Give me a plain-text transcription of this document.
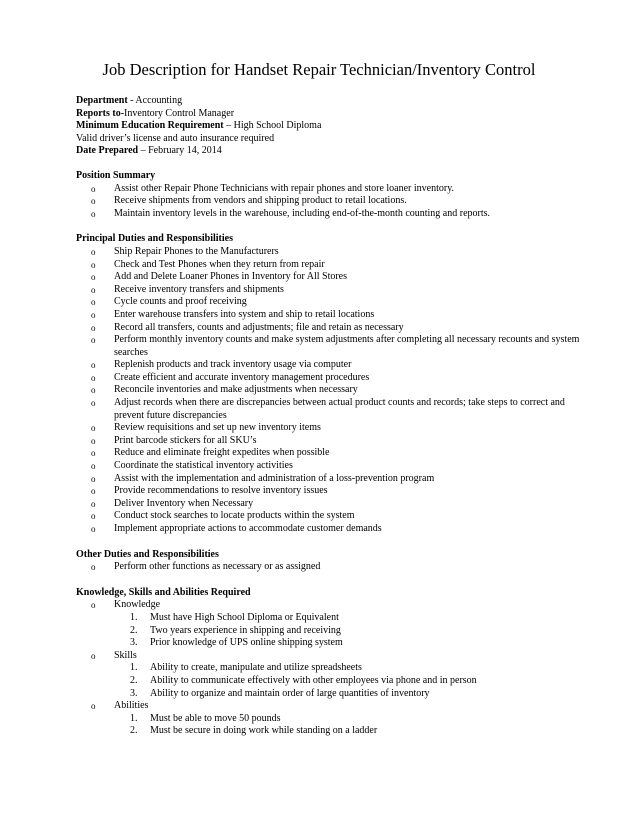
Job Description for Handset Repair Technician/Inventory Control
Department - Accounting
Reports to-Inventory Control Manager
Minimum Education Requirement – High School Diploma
Valid driver’s license and auto insurance required
Date Prepared – February 14, 2014
Position Summary
o Assist other Repair Phone Technicians with repair phones and store loaner inventory.
o Receive shipments from vendors and shipping product to retail locations.
o Maintain inventory levels in the warehouse, including end-of-the-month counting and reports.
Principal Duties and Responsibilities
o Ship Repair Phones to the Manufacturers
o Check and Test Phones when they return from repair
o Add and Delete Loaner Phones in Inventory for All Stores
o Receive inventory transfers and shipments
o Cycle counts and proof receiving
o Enter warehouse transfers into system and ship to retail locations
o Record all transfers, counts and adjustments; file and retain as necessary
o Perform monthly inventory counts and make system adjustments after completing all necessary recounts and system searches
o Replenish products and track inventory usage via computer
o Create efficient and accurate inventory management procedures
o Reconcile inventories and make adjustments when necessary
o Adjust records when there are discrepancies between actual product counts and records; take steps to correct and prevent future discrepancies
o Review requisitions and set up new inventory items
o Print barcode stickers for all SKU’s
o Reduce and eliminate freight expedites when possible
o Coordinate the statistical inventory activities
o Assist with the implementation and administration of a loss-prevention program
o Provide recommendations to resolve inventory issues
o Deliver Inventory when Necessary
o Conduct stock searches to locate products within the system
o Implement appropriate actions to accommodate customer demands
Other Duties and Responsibilities
o Perform other functions as necessary or as assigned
Knowledge, Skills and Abilities Required
o Knowledge
1. Must have High School Diploma or Equivalent
2. Two years experience in shipping and receiving
3. Prior knowledge of UPS online shipping system
o Skills
1. Ability to create, manipulate and utilize spreadsheets
2. Ability to communicate effectively with other employees via phone and in person
3. Ability to organize and maintain order of large quantities of inventory
o Abilities
1. Must be able to move 50 pounds
2. Must be secure in doing work while standing on a ladder
